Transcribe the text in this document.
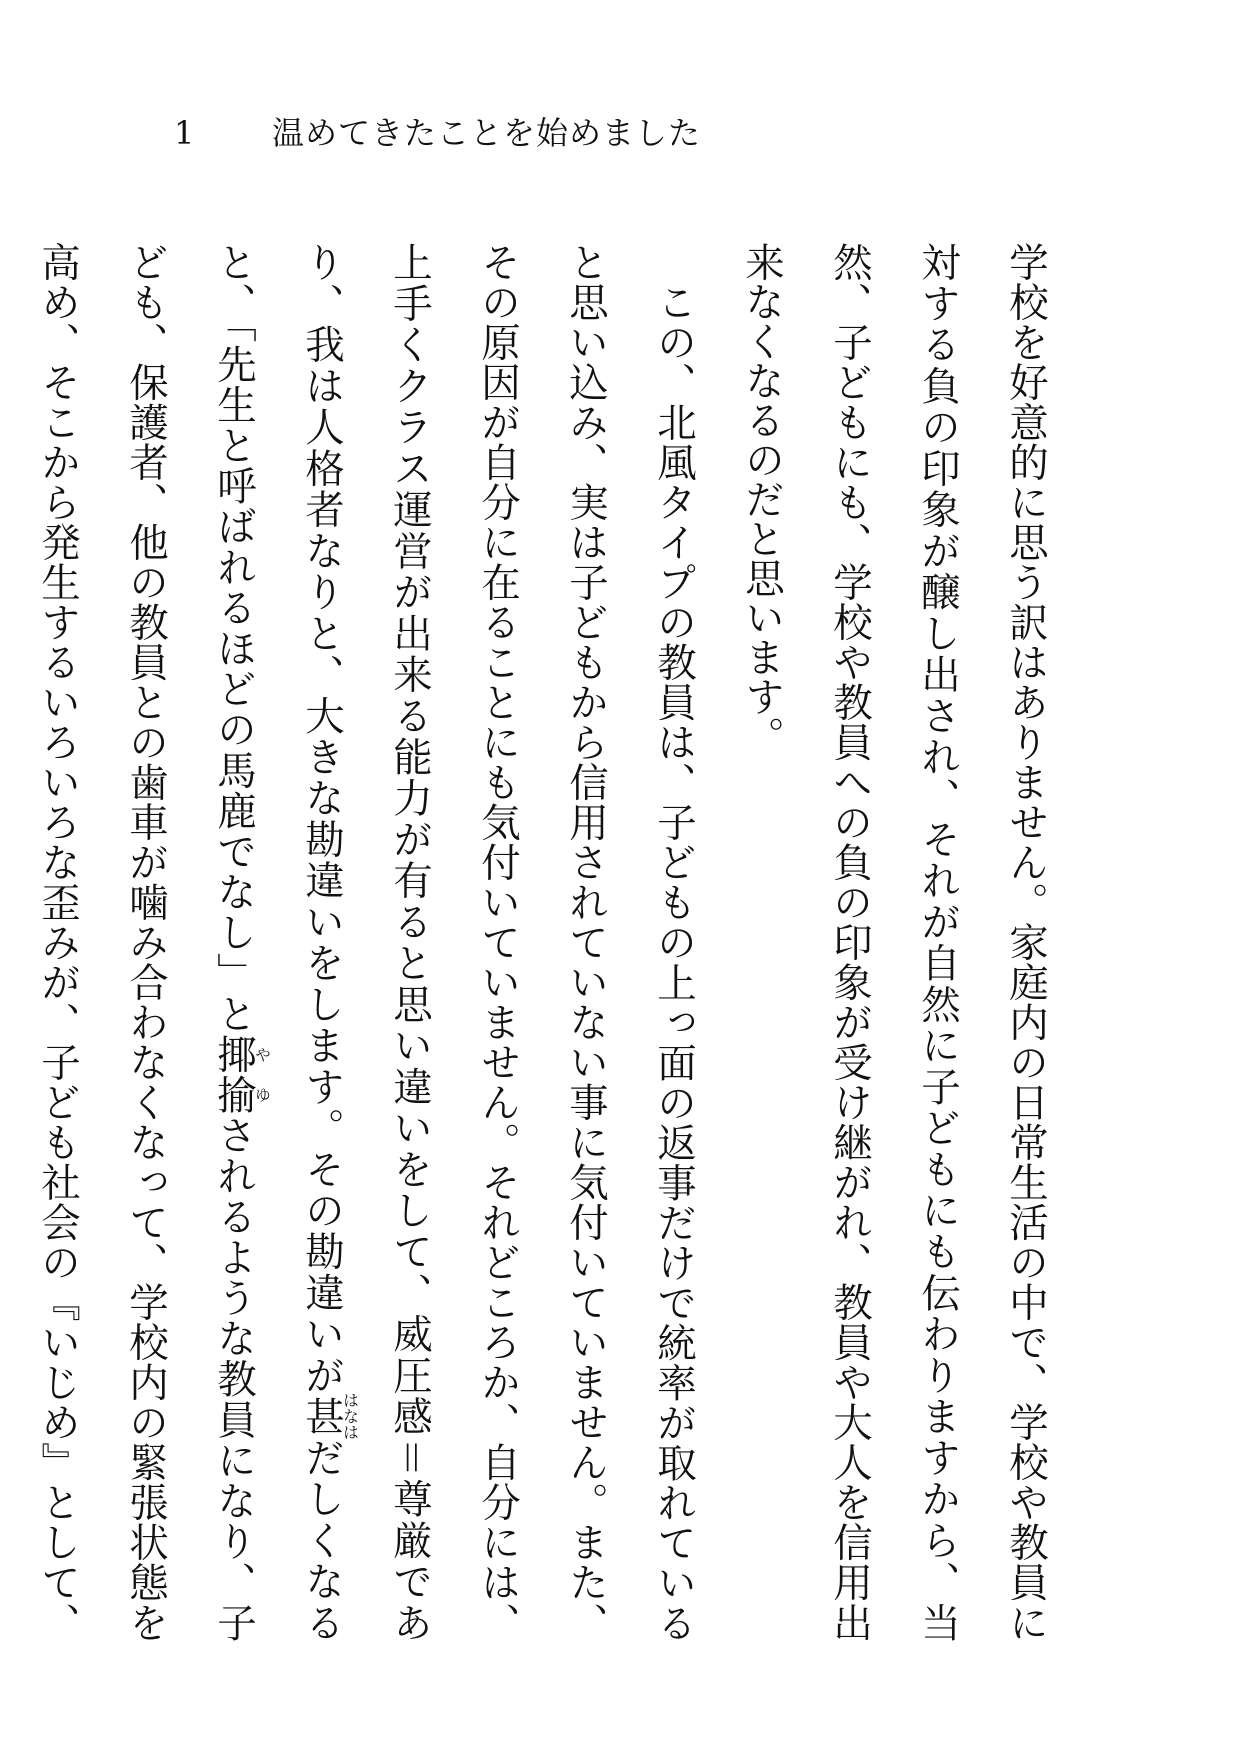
1 温めてきたことを始めました

学校を好意的に思う訳はありません。家庭内の日常生活の中で、学校や教員に対する負の印象が醸し出され、それが自然に子どもにも伝わりますから、当然、子どもにも、学校や教員への負の印象が受け継がれ、教員や大人を信用出来なくなるのだと思います。

この、北風タイプの教員は、子どもの上っ面の返事だけで統率が取れていると思い込み、実は子どもから信用されていない事に気付いていません。また、その原因が自分に在ることにも気付いていません。それどころか、自分には、上手くクラス運営が出来る能力が有ると思い違いをして、威圧感＝尊厳であり、我は人格者なりと、大きな勘違いをします。その勘違いが甚はなはだしくなると、「先生と呼ばれるほどの馬鹿でなし」と揶揄やゆされるような教員になり、子ども、保護者、他の教員との歯車が噛み合わなくなって、学校内の緊張状態を高め、そこから発生するいろいろな歪みが、子ども社会の『いじめ』として、
